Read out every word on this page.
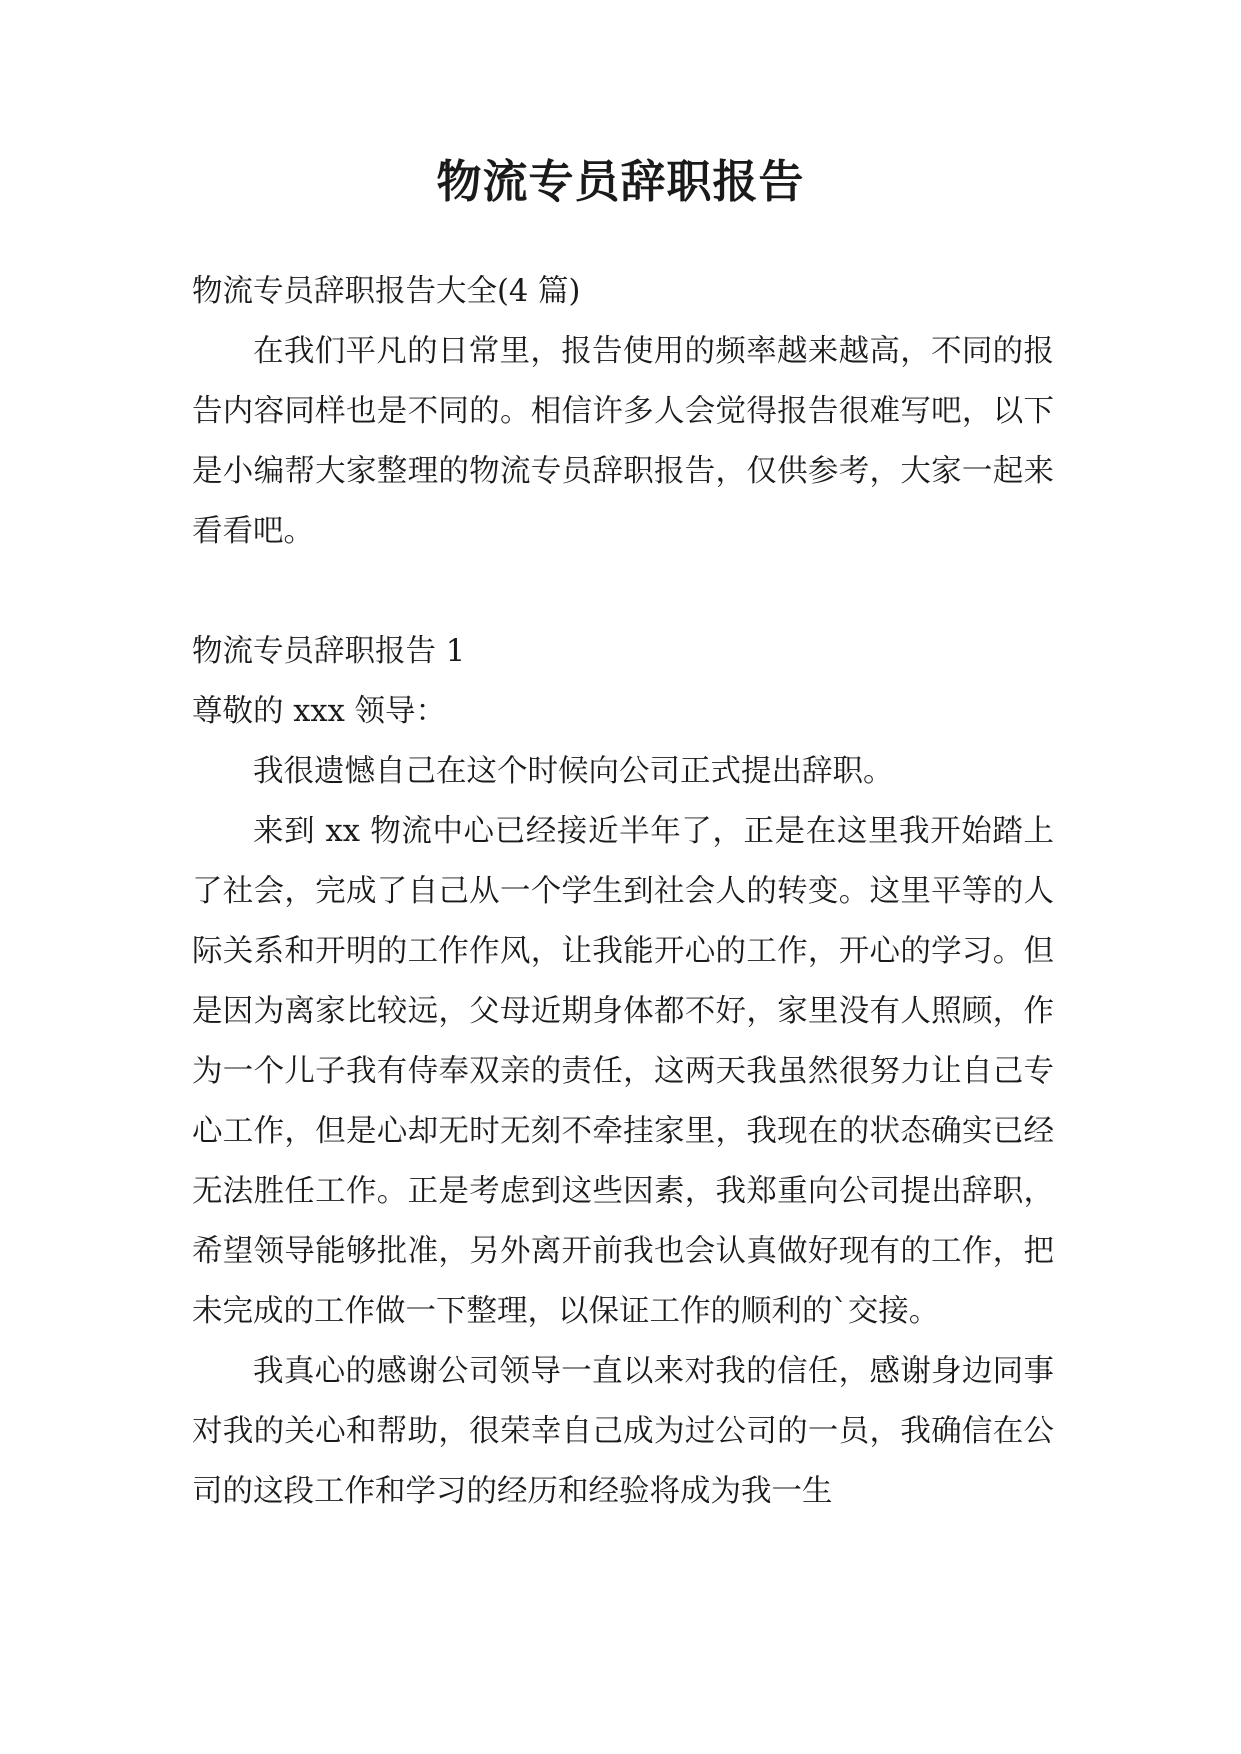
物流专员辞职报告

物流专员辞职报告大全(4 篇)

在我们平凡的日常里，报告使用的频率越来越高，不同的报告内容同样也是不同的。相信许多人会觉得报告很难写吧，以下是小编帮大家整理的物流专员辞职报告，仅供参考，大家一起来看看吧。

物流专员辞职报告 1

尊敬的 xxx 领导：

我很遗憾自己在这个时候向公司正式提出辞职。

来到 xx 物流中心已经接近半年了，正是在这里我开始踏上了社会，完成了自己从一个学生到社会人的转变。这里平等的人际关系和开明的工作作风，让我能开心的工作，开心的学习。但是因为离家比较远，父母近期身体都不好，家里没有人照顾，作为一个儿子我有侍奉双亲的责任，这两天我虽然很努力让自己专心工作，但是心却无时无刻不牵挂家里，我现在的状态确实已经无法胜任工作。正是考虑到这些因素，我郑重向公司提出辞职，希望领导能够批准，另外离开前我也会认真做好现有的工作，把未完成的工作做一下整理，以保证工作的顺利的`交接。

我真心的感谢公司领导一直以来对我的信任，感谢身边同事对我的关心和帮助，很荣幸自己成为过公司的一员，我确信在公司的这段工作和学习的经历和经验将成为我一生
